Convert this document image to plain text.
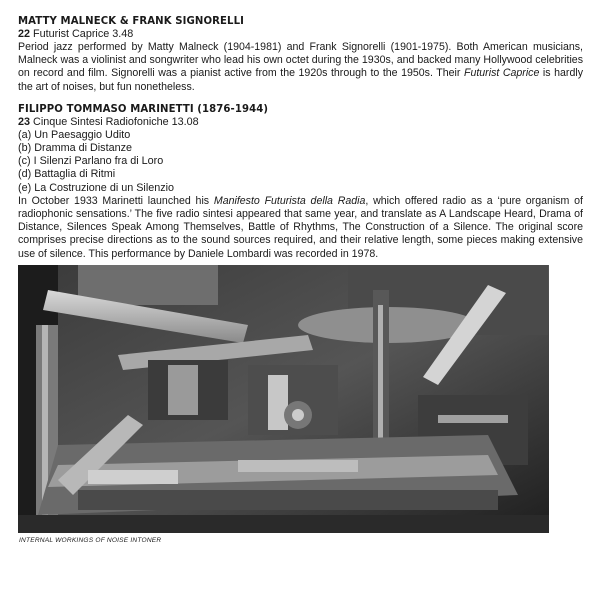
MATTY MALNECK & FRANK SIGNORELLI
22 Futurist Caprice 3.48

Period jazz performed by Matty Malneck (1904-1981) and Frank Signorelli (1901-1975). Both American musicians, Malneck was a violinist and songwriter who lead his own octet during the 1930s, and backed many Hollywood celebrities on record and film. Signorelli was a pianist active from the 1920s through to the 1950s. Their Futurist Caprice is hardly the art of noises, but fun nonetheless.

FILIPPO TOMMASO MARINETTI (1876-1944)
23 Cinque Sintesi Radiofoniche 13.08
(a) Un Paesaggio Udito
(b) Dramma di Distanze
(c) I Silenzi Parlano fra di Loro
(d) Battaglia di Ritmi
(e) La Costruzione di un Silenzio

In October 1933 Marinetti launched his Manifesto Futurista della Radia, which offered radio as a ‘pure organism of radiophonic sensations.’ The five radio sintesi appeared that same year, and translate as A Landscape Heard, Drama of Distance, Silences Speak Among Themselves, Battle of Rhythms, The Construction of a Silence. The original score comprises precise directions as to the sound sources required, and their relative length, some pieces making extensive use of silence. This performance by Daniele Lombardi was recorded in 1978.

INTERNAL WORKINGS OF NOISE INTONER
